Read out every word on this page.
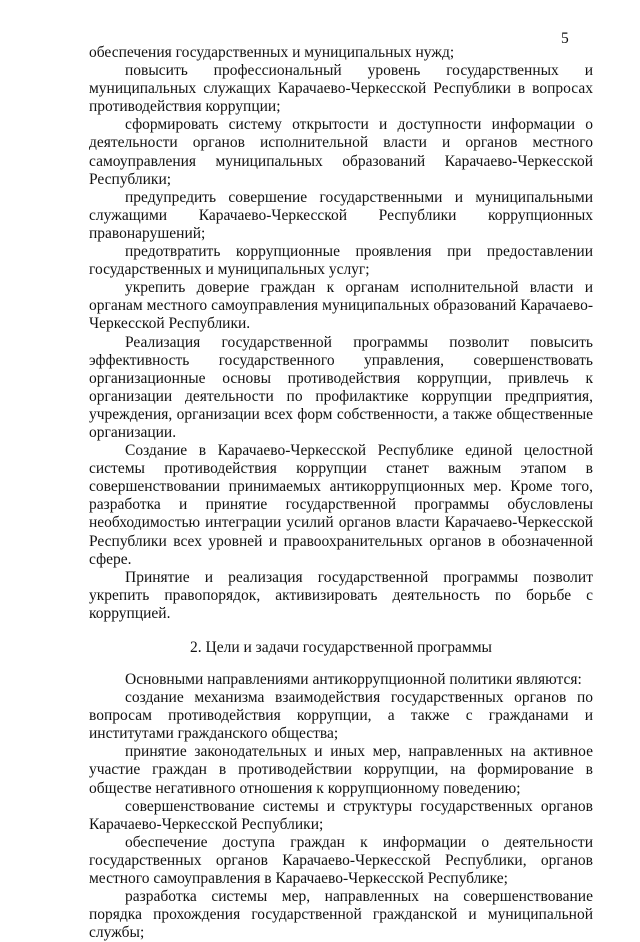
5

обеспечения государственных и муниципальных нужд;

повысить профессиональный уровень государственных и муниципальных служащих Карачаево-Черкесской Республики в вопросах противодействия коррупции;

сформировать систему открытости и доступности информации о деятельности органов исполнительной власти и органов местного самоуправления муниципальных образований Карачаево-Черкесской Республики;

предупредить совершение государственными и муниципальными служащими Карачаево-Черкесской Республики коррупционных правонарушений;

предотвратить коррупционные проявления при предоставлении государственных и муниципальных услуг;

укрепить доверие граждан к органам исполнительной власти и органам местного самоуправления муниципальных образований Карачаево-Черкесской Республики.

Реализация государственной программы позволит повысить эффективность государственного управления, совершенствовать организационные основы противодействия коррупции, привлечь к организации деятельности по профилактике коррупции предприятия, учреждения, организации всех форм собственности, а также общественные организации.

Создание в Карачаево-Черкесской Республике единой целостной системы противодействия коррупции станет важным этапом в совершенствовании принимаемых антикоррупционных мер. Кроме того, разработка и принятие государственной программы обусловлены необходимостью интеграции усилий органов власти Карачаево-Черкесской Республики всех уровней и правоохранительных органов в обозначенной сфере.

Принятие и реализация государственной программы позволит укрепить правопорядок, активизировать деятельность по борьбе с коррупцией.

2. Цели и задачи государственной программы

Основными направлениями антикоррупционной политики являются:

создание механизма взаимодействия государственных органов по вопросам противодействия коррупции, а также с гражданами и институтами гражданского общества;

принятие законодательных и иных мер, направленных на активное участие граждан в противодействии коррупции, на формирование в обществе негативного отношения к коррупционному поведению;

совершенствование системы и структуры государственных органов Карачаево-Черкесской Республики;

обеспечение доступа граждан к информации о деятельности государственных органов Карачаево-Черкесской Республики, органов местного самоуправления в Карачаево-Черкесской Республике;

разработка системы мер, направленных на совершенствование порядка прохождения государственной гражданской и муниципальной службы;
